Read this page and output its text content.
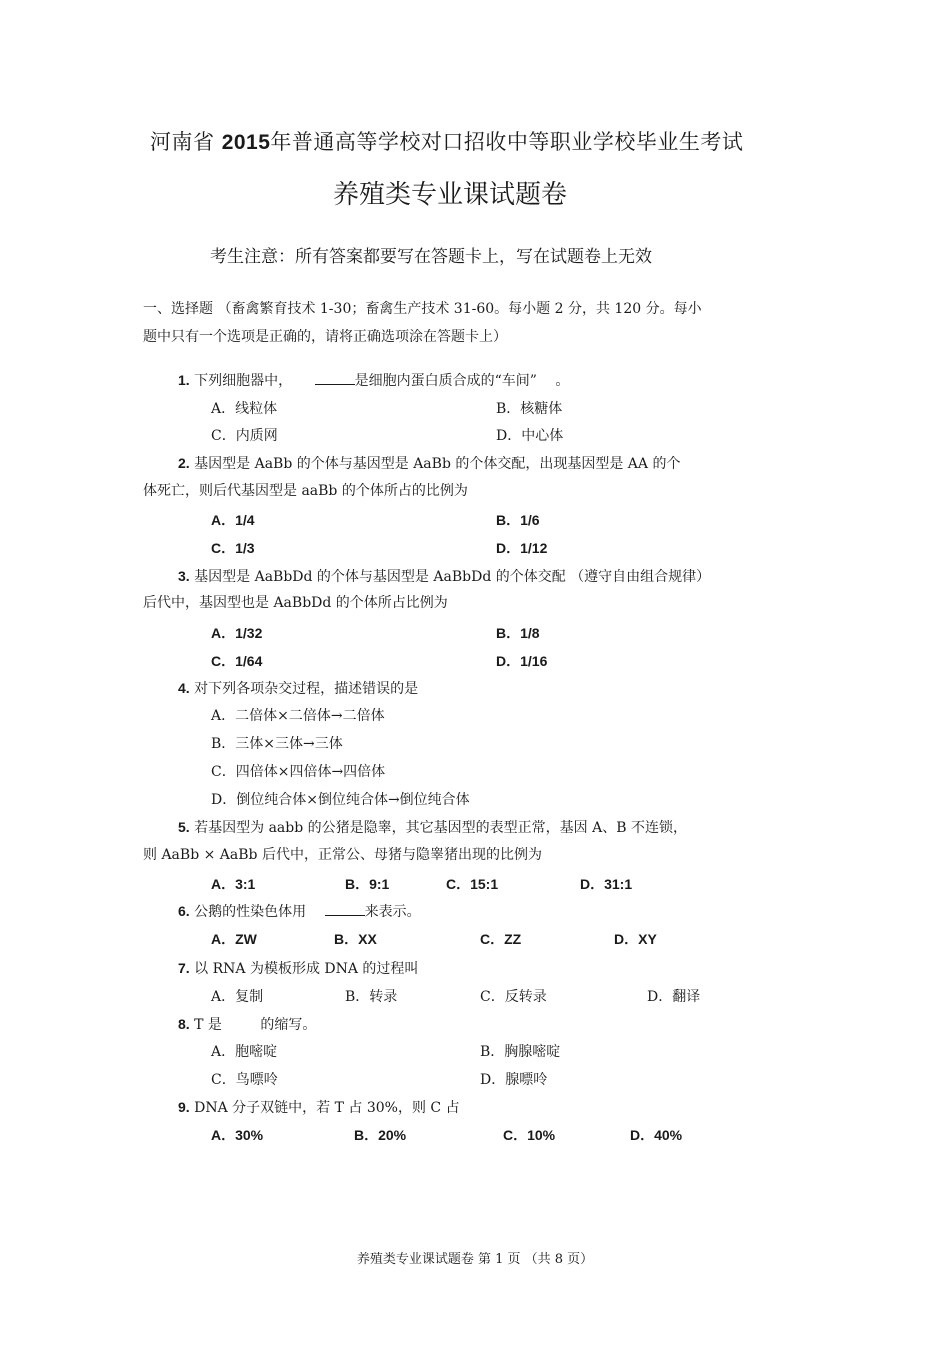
河南省 2015年普通高等学校对口招收中等职业学校毕业生考试
养殖类专业课试题卷
考生注意：所有答案都要写在答题卡上，写在试题卷上无效
一、选择题 （畜禽繁育技术 1-30；畜禽生产技术 31-60。每小题 2 分，共 120 分。每小
题中只有一个选项是正确的，请将正确选项涂在答题卡上）
1. 下列细胞器中，	是细胞内蛋白质合成的“车间” 。
A．线粒体	B．核糖体
C．内质网	D．中心体
2. 基因型是 AaBb 的个体与基因型是 AaBb 的个体交配，出现基因型是 AA 的个
体死亡，则后代基因型是 aaBb 的个体所占的比例为
A．1/4	B．1/6
C．1/3	D．1/12
3. 基因型是 AaBbDd 的个体与基因型是 AaBbDd 的个体交配 （遵守自由组合规律）
后代中，基因型也是 AaBbDd 的个体所占比例为
A．1/32	B．1/8
C．1/64	D．1/16
4. 对下列各项杂交过程，描述错误的是
A．二倍体×二倍体→二倍体
B．三体×三体→三体
C．四倍体×四倍体→四倍体
D．倒位纯合体×倒位纯合体→倒位纯合体
5. 若基因型为 aabb 的公猪是隐睾，其它基因型的表型正常，基因 A、B 不连锁，
则 AaBb × AaBb 后代中，正常公、母猪与隐睾猪出现的比例为
A．3:1	B．9:1	C．15:1	D．31:1
6. 公鹅的性染色体用	来表示。
A．ZW	B．XX	C．ZZ	D．XY
7. 以 RNA 为模板形成 DNA 的过程叫
A．复制	B．转录	C．反转录	D．翻译
8. T 是	的缩写。
A．胞嘧啶	B．胸腺嘧啶
C．鸟嘌呤	D．腺嘌呤
9. DNA 分子双链中，若 T 占 30%，则 C 占
A．30%	B．20%	C．10%	D．40%
养殖类专业课试题卷 第 1 页 （共 8 页）
